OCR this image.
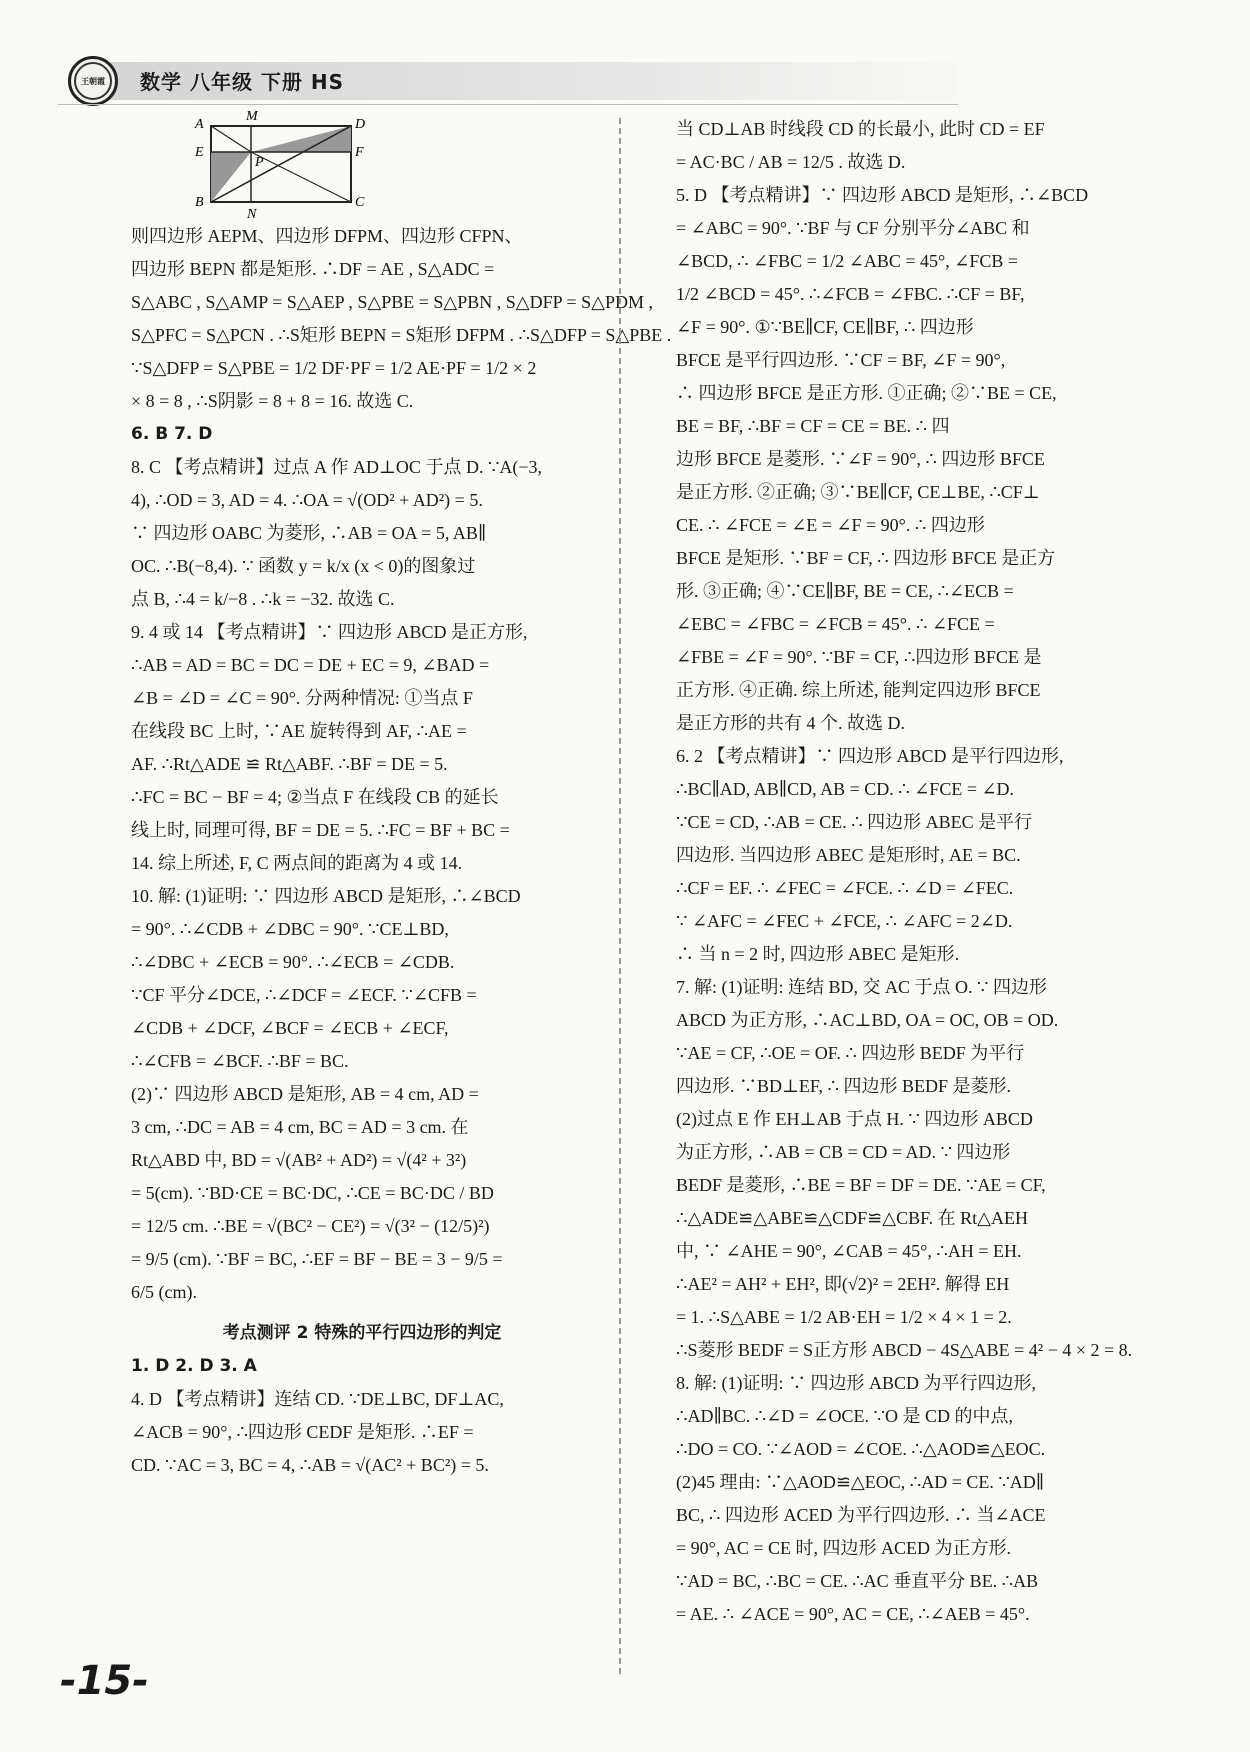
王朝霞	数学 八年级 下册 HS
A
M
D
E
P
F
B
N
C

则四边形 AEPM、四边形 DFPM、四边形 CFPN、

四边形 BEPN 都是矩形. ∴DF = AE , S△ADC =

S△ABC , S△AMP = S△AEP , S△PBE = S△PBN , S△DFP = S△PDM ,

S△PFC = S△PCN . ∴S矩形 BEPN = S矩形 DFPM . ∴S△DFP = S△PBE .

∵S△DFP = S△PBE = 1/2 DF·PF = 1/2 AE·PF = 1/2 × 2

× 8 = 8 , ∴S阴影 = 8 + 8 = 16. 故选 C.

6. B 7. D

8. C 【考点精讲】过点 A 作 AD⊥OC 于点 D. ∵A(−3,

4), ∴OD = 3, AD = 4. ∴OA = √(OD² + AD²) = 5.

∵ 四边形 OABC 为菱形, ∴AB = OA = 5, AB∥

OC. ∴B(−8,4). ∵ 函数 y = k/x (x < 0)的图象过

点 B, ∴4 = k/−8 . ∴k = −32. 故选 C.

9. 4 或 14 【考点精讲】∵ 四边形 ABCD 是正方形,

∴AB = AD = BC = DC = DE + EC = 9, ∠BAD =

∠B = ∠D = ∠C = 90°. 分两种情况: ①当点 F

在线段 BC 上时, ∵AE 旋转得到 AF, ∴AE =

AF. ∴Rt△ADE ≌ Rt△ABF. ∴BF = DE = 5.

∴FC = BC − BF = 4; ②当点 F 在线段 CB 的延长

线上时, 同理可得, BF = DE = 5. ∴FC = BF + BC =

14. 综上所述, F, C 两点间的距离为 4 或 14.

10. 解: (1)证明: ∵ 四边形 ABCD 是矩形, ∴∠BCD

= 90°. ∴∠CDB + ∠DBC = 90°. ∵CE⊥BD,

∴∠DBC + ∠ECB = 90°. ∴∠ECB = ∠CDB.

∵CF 平分∠DCE, ∴∠DCF = ∠ECF. ∵∠CFB =

∠CDB + ∠DCF, ∠BCF = ∠ECB + ∠ECF,

∴∠CFB = ∠BCF. ∴BF = BC.

(2)∵ 四边形 ABCD 是矩形, AB = 4 cm, AD =

3 cm, ∴DC = AB = 4 cm, BC = AD = 3 cm. 在

Rt△ABD 中, BD = √(AB² + AD²) = √(4² + 3²)

= 5(cm). ∵BD·CE = BC·DC, ∴CE = BC·DC / BD

= 12/5 cm. ∴BE = √(BC² − CE²) = √(3² − (12/5)²)

= 9/5 (cm). ∵BF = BC, ∴EF = BF − BE = 3 − 9/5 =

6/5 (cm).

考点测评 2 特殊的平行四边形的判定

1. D 2. D 3. A

4. D 【考点精讲】连结 CD. ∵DE⊥BC, DF⊥AC,

∠ACB = 90°, ∴四边形 CEDF 是矩形. ∴EF =

CD. ∵AC = 3, BC = 4, ∴AB = √(AC² + BC²) = 5.

当 CD⊥AB 时线段 CD 的长最小, 此时 CD = EF

= AC·BC / AB = 12/5 . 故选 D.

5. D 【考点精讲】∵ 四边形 ABCD 是矩形, ∴∠BCD

= ∠ABC = 90°. ∵BF 与 CF 分别平分∠ABC 和

∠BCD, ∴ ∠FBC = 1/2 ∠ABC = 45°, ∠FCB =

1/2 ∠BCD = 45°. ∴∠FCB = ∠FBC. ∴CF = BF,

∠F = 90°. ①∵BE∥CF, CE∥BF, ∴ 四边形

BFCE 是平行四边形. ∵CF = BF, ∠F = 90°,

∴ 四边形 BFCE 是正方形. ①正确; ②∵BE = CE,

BE = BF, ∴BF = CF = CE = BE. ∴ 四

边形 BFCE 是菱形. ∵∠F = 90°, ∴ 四边形 BFCE

是正方形. ②正确; ③∵BE∥CF, CE⊥BE, ∴CF⊥

CE. ∴ ∠FCE = ∠E = ∠F = 90°. ∴ 四边形

BFCE 是矩形. ∵BF = CF, ∴ 四边形 BFCE 是正方

形. ③正确; ④∵CE∥BF, BE = CE, ∴∠ECB =

∠EBC = ∠FBC = ∠FCB = 45°. ∴ ∠FCE =

∠FBE = ∠F = 90°. ∵BF = CF, ∴四边形 BFCE 是

正方形. ④正确. 综上所述, 能判定四边形 BFCE

是正方形的共有 4 个. 故选 D.

6. 2 【考点精讲】∵ 四边形 ABCD 是平行四边形,

∴BC∥AD, AB∥CD, AB = CD. ∴ ∠FCE = ∠D.

∵CE = CD, ∴AB = CE. ∴ 四边形 ABEC 是平行

四边形. 当四边形 ABEC 是矩形时, AE = BC.

∴CF = EF. ∴ ∠FEC = ∠FCE. ∴ ∠D = ∠FEC.

∵ ∠AFC = ∠FEC + ∠FCE, ∴ ∠AFC = 2∠D.

∴ 当 n = 2 时, 四边形 ABEC 是矩形.

7. 解: (1)证明: 连结 BD, 交 AC 于点 O. ∵ 四边形

ABCD 为正方形, ∴AC⊥BD, OA = OC, OB = OD.

∵AE = CF, ∴OE = OF. ∴ 四边形 BEDF 为平行

四边形. ∵BD⊥EF, ∴ 四边形 BEDF 是菱形.

(2)过点 E 作 EH⊥AB 于点 H. ∵ 四边形 ABCD

为正方形, ∴AB = CB = CD = AD. ∵ 四边形

BEDF 是菱形, ∴BE = BF = DF = DE. ∵AE = CF,

∴△ADE≌△ABE≌△CDF≌△CBF. 在 Rt△AEH

中, ∵ ∠AHE = 90°, ∠CAB = 45°, ∴AH = EH.

∴AE² = AH² + EH², 即(√2)² = 2EH². 解得 EH

= 1. ∴S△ABE = 1/2 AB·EH = 1/2 × 4 × 1 = 2.

∴S菱形 BEDF = S正方形 ABCD − 4S△ABE = 4² − 4 × 2 = 8.

8. 解: (1)证明: ∵ 四边形 ABCD 为平行四边形,

∴AD∥BC. ∴∠D = ∠OCE. ∵O 是 CD 的中点,

∴DO = CO. ∵∠AOD = ∠COE. ∴△AOD≌△EOC.

(2)45 理由: ∵△AOD≌△EOC, ∴AD = CE. ∵AD∥

BC, ∴ 四边形 ACED 为平行四边形. ∴ 当∠ACE

= 90°, AC = CE 时, 四边形 ACED 为正方形.

∵AD = BC, ∴BC = CE. ∴AC 垂直平分 BE. ∴AB

= AE. ∴ ∠ACE = 90°, AC = CE, ∴∠AEB = 45°.

-15-
